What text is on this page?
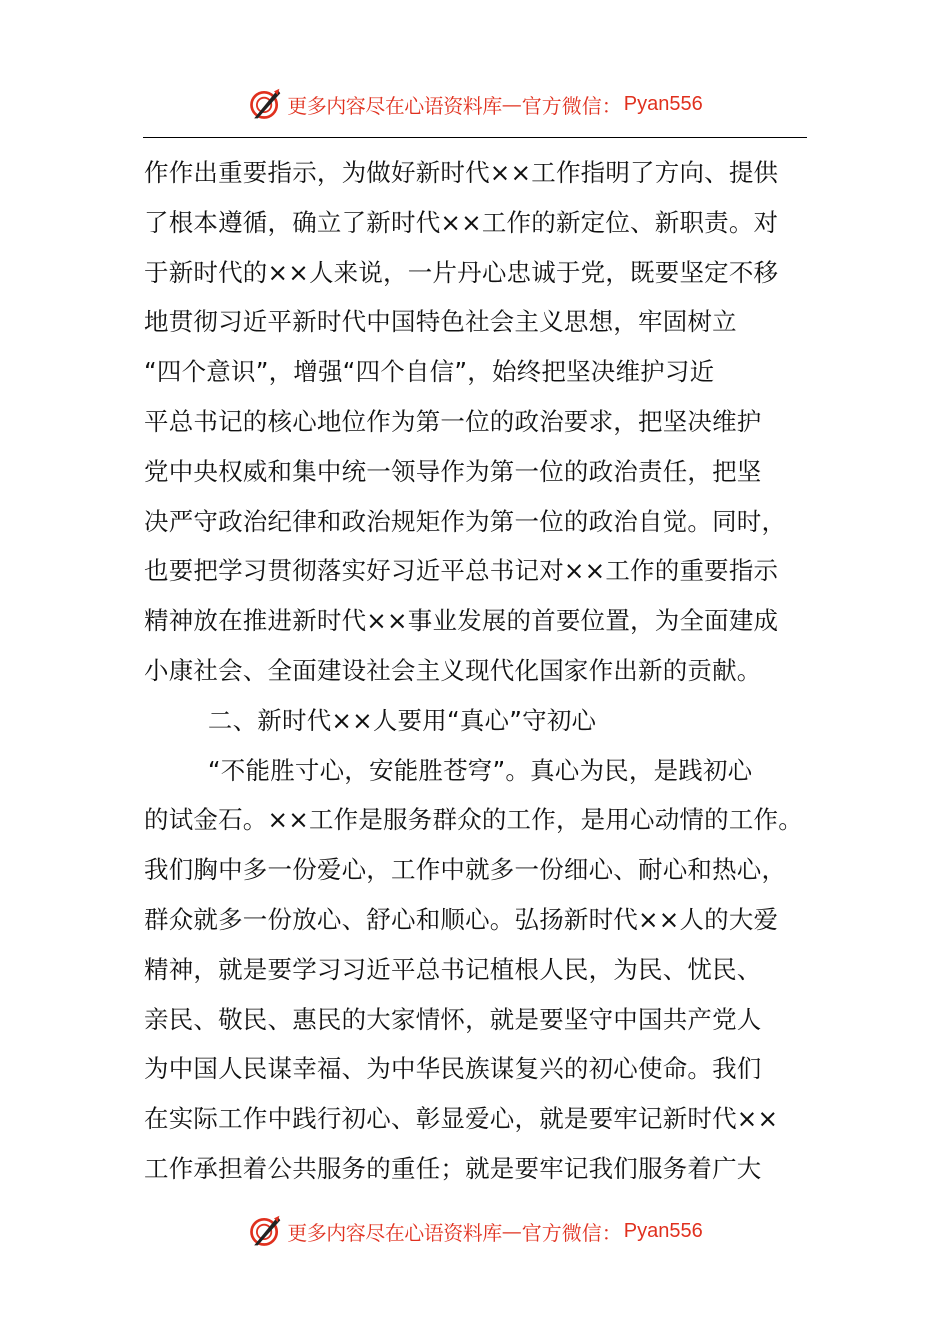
更多内容尽在心语资料库 — 官方微信： Pyan556
作作出重要指示，为做好新时代××工作指明了方向、提供
了根本遵循，确立了新时代××工作的新定位、新职责。对
于新时代的××人来说，一片丹心忠诚于党，既要坚定不移
地贯彻习近平新时代中国特色社会主义思想，牢固树立
“四个意识”，增强“四个自信”，始终把坚决维护习近
平总书记的核心地位作为第一位的政治要求，把坚决维护
党中央权威和集中统一领导作为第一位的政治责任，把坚
决严守政治纪律和政治规矩作为第一位的政治自觉。同时，
也要把学习贯彻落实好习近平总书记对××工作的重要指示
精神放在推进新时代××事业发展的首要位置，为全面建成
小康社会、全面建设社会主义现代化国家作出新的贡献。
二、新时代××人要用“真心”守初心
“不能胜寸心，安能胜苍穹”。真心为民，是践初心
的试金石。××工作是服务群众的工作，是用心动情的工作。
我们胸中多一份爱心，工作中就多一份细心、耐心和热心，
群众就多一份放心、舒心和顺心。弘扬新时代××人的大爱
精神，就是要学习习近平总书记植根人民，为民、忧民、
亲民、敬民、惠民的大家情怀，就是要坚守中国共产党人
为中国人民谋幸福、为中华民族谋复兴的初心使命。我们
在实际工作中践行初心、彰显爱心，就是要牢记新时代××
工作承担着公共服务的重任；就是要牢记我们服务着广大
更多内容尽在心语资料库 — 官方微信： Pyan556
